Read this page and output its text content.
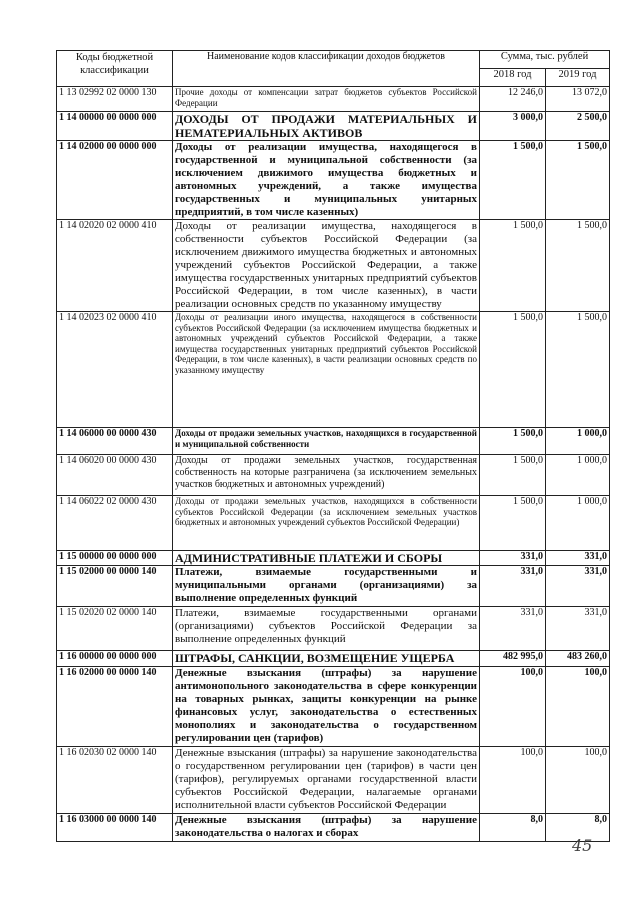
Коды бюджетной классификации	Наименование кодов классификации доходов бюджетов	Сумма, тыс. рублей	
		2018 год	2019 год
1 13 02992 02 0000 130	Прочие доходы от компенсации затрат бюджетов субъектов Российской Федерации	12 246,0	13 072,0
1 14 00000 00 0000 000	ДОХОДЫ ОТ ПРОДАЖИ МАТЕРИАЛЬНЫХ И НЕМАТЕРИАЛЬНЫХ АКТИВОВ	3 000,0	2 500,0
1 14 02000 00 0000 000	Доходы от реализации имущества, находящегося в государственной и муниципальной собственности (за исключением движимого имущества бюджетных и автономных учреждений, а также имущества государственных и муниципальных унитарных предприятий, в том числе казенных)	1 500,0	1 500,0
1 14 02020 02 0000 410	Доходы от реализации имущества, находящегося в собственности субъектов Российской Федерации (за исключением движимого имущества бюджетных и автономных учреждений субъектов Российской Федерации, а также имущества государственных унитарных предприятий субъектов Российской Федерации, в том числе казенных), в части реализации основных средств по указанному имуществу	1 500,0	1 500,0
1 14 02023 02 0000 410	Доходы от реализации иного имущества, находящегося в собственности субъектов Российской Федерации (за исключением имущества бюджетных и автономных учреждений субъектов Российской Федерации, а также имущества государственных унитарных предприятий субъектов Российской Федерации, в том числе казенных), в части реализации основных средств по указанному имуществу	1 500,0	1 500,0
1 14 06000 00 0000 430	Доходы от продажи земельных участков, находящихся в государственной и муниципальной собственности	1 500,0	1 000,0
1 14 06020 00 0000 430	Доходы от продажи земельных участков, государственная собственность на которые разграничена (за исключением земельных участков бюджетных и автономных учреждений)	1 500,0	1 000,0
1 14 06022 02 0000 430	Доходы от продажи земельных участков, находящихся в собственности субъектов Российской Федерации (за исключением земельных участков бюджетных и автономных учреждений субъектов Российской Федерации)	1 500,0	1 000,0
1 15 00000 00 0000 000	АДМИНИСТРАТИВНЫЕ ПЛАТЕЖИ И СБОРЫ	331,0	331,0
1 15 02000 00 0000 140	Платежи, взимаемые государственными и муниципальными органами (организациями) за выполнение определенных функций	331,0	331,0
1 15 02020 02 0000 140	Платежи, взимаемые государственными органами (организациями) субъектов Российской Федерации за выполнение определенных функций	331,0	331,0
1 16 00000 00 0000 000	ШТРАФЫ, САНКЦИИ, ВОЗМЕЩЕНИЕ УЩЕРБА	482 995,0	483 260,0
1 16 02000 00 0000 140	Денежные взыскания (штрафы) за нарушение антимонопольного законодательства в сфере конкуренции на товарных рынках, защиты конкуренции на рынке финансовых услуг, законодательства о естественных монополиях и законодательства о государственном регулировании цен (тарифов)	100,0	100,0
1 16 02030 02 0000 140	Денежные взыскания (штрафы) за нарушение законодательства о государственном регулировании цен (тарифов) в части цен (тарифов), регулируемых органами государственной власти субъектов Российской Федерации, налагаемые органами исполнительной власти субъектов Российской Федерации	100,0	100,0
1 16 03000 00 0000 140	Денежные взыскания (штрафы) за нарушение законодательства о налогах и сборах	8,0	8,0
45
